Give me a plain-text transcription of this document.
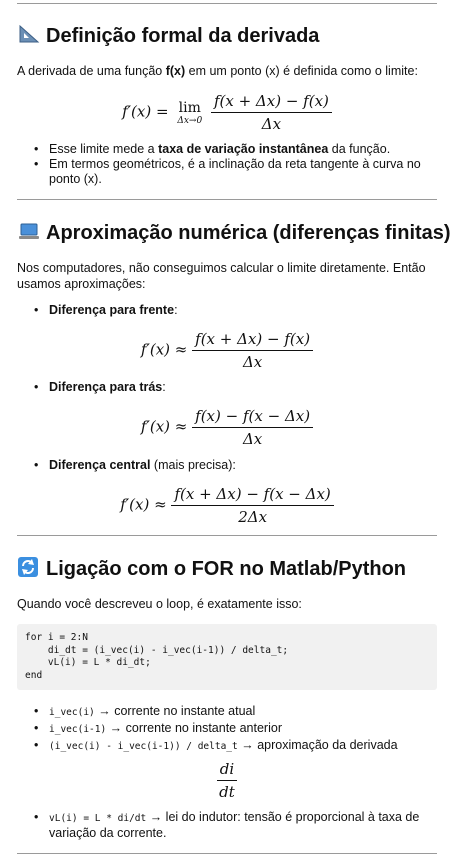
Definição formal da derivada
A derivada de uma função f(x) em um ponto (x) é definida como o limite:
f′(x) = lim
Δx→0
$\frac{f(x + \Delta x) - f(x)}{\Delta x}$
• Esse limite mede a taxa de variação instantânea da função.
• Em termos geométricos, é a inclinação da reta tangente à curva no ponto (x).
Aproximação numérica (diferenças finitas)
Nos computadores, não conseguimos calcular o limite diretamente. Então usamos aproximações:
• Diferença para frente:
$f'(x) \approx \frac{f(x + \Delta x) - f(x)}{\Delta x}$
• Diferença para trás:
$f'(x) \approx \frac{f(x) - f(x - \Delta x)}{\Delta x}$
• Diferença central (mais precisa):
$f'(x) \approx \frac{f(x + \Delta x) - f(x - \Delta x)}{2\Delta x}$
Ligação com o FOR no Matlab/Python
Quando você descreveu o loop, é exatamente isso:
for i = 2:N
di_dt = (i_vec(i) - i_vec(i-1)) / delta_t;
vL(i) = L * di_dt;
end
• i_vec(i) → corrente no instante atual
• i_vec(i-1) → corrente no instante anterior
• (i_vec(i) - i_vec(i-1)) / delta_t → aproximação da derivada
$\frac{di}{dt}$
• vL(i) = L * di/dt → lei do indutor: tensão é proporcional à taxa de variação da corrente.
